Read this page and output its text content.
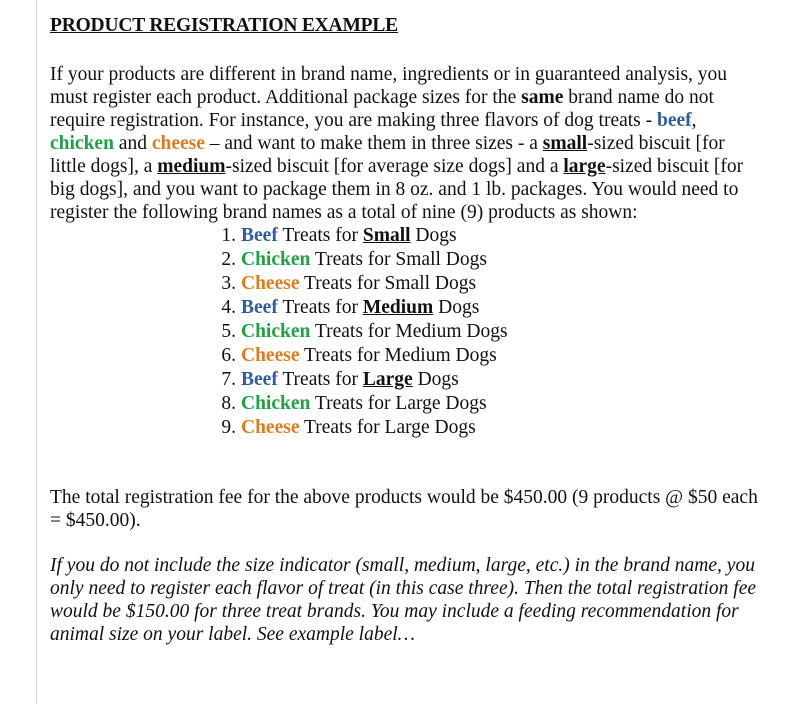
PRODUCT REGISTRATION EXAMPLE

If your products are different in brand name, ingredients or in guaranteed analysis, you must register each product. Additional package sizes for the same brand name do not require registration. For instance, you are making three flavors of dog treats - beef, chicken and cheese – and want to make them in three sizes - a small-sized biscuit [for little dogs], a medium-sized biscuit [for average size dogs] and a large-sized biscuit [for big dogs], and you want to package them in 8 oz. and 1 lb. packages. You would need to register the following brand names as a total of nine (9) products as shown:

1. Beef Treats for Small Dogs
2. Chicken Treats for Small Dogs
3. Cheese Treats for Small Dogs
4. Beef Treats for Medium Dogs
5. Chicken Treats for Medium Dogs
6. Cheese Treats for Medium Dogs
7. Beef Treats for Large Dogs
8. Chicken Treats for Large Dogs
9. Cheese Treats for Large Dogs

The total registration fee for the above products would be $450.00 (9 products @ $50 each = $450.00).

If you do not include the size indicator (small, medium, large, etc.) in the brand name, you only need to register each flavor of treat (in this case three). Then the total registration fee would be $150.00 for three treat brands. You may include a feeding recommendation for animal size on your label. See example label…
